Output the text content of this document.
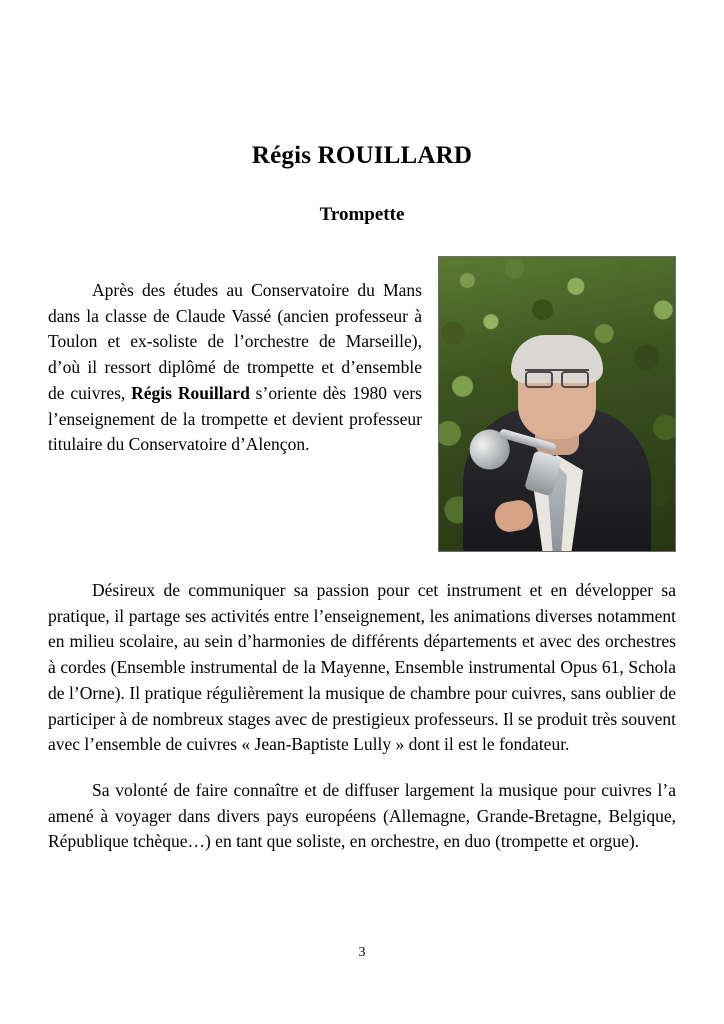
Régis ROUILLARD
Trompette

Après des études au Conservatoire du Mans dans la classe de Claude Vassé (ancien professeur à Toulon et ex-soliste de l’orchestre de Marseille), d’où il ressort diplômé de trompette et d’ensemble de cuivres, Régis Rouillard s’oriente dès 1980 vers l’enseignement de la trompette et devient professeur titulaire du Conservatoire d’Alençon.

Désireux de communiquer sa passion pour cet instrument et en développer sa pratique, il partage ses activités entre l’enseignement, les animations diverses notamment en milieu scolaire, au sein d’harmonies de différents départements et avec des orchestres à cordes (Ensemble instrumental de la Mayenne, Ensemble instrumental Opus 61, Schola de l’Orne). Il pratique régulièrement la musique de chambre pour cuivres, sans oublier de participer à de nombreux stages avec de prestigieux professeurs. Il se produit très souvent avec l’ensemble de cuivres « Jean-Baptiste Lully » dont il est le fondateur.

Sa volonté de faire connaître et de diffuser largement la musique pour cuivres l’a amené à voyager dans divers pays européens (Allemagne, Grande-Bretagne, Belgique, République tchèque…) en tant que soliste, en orchestre, en duo (trompette et orgue).

3
